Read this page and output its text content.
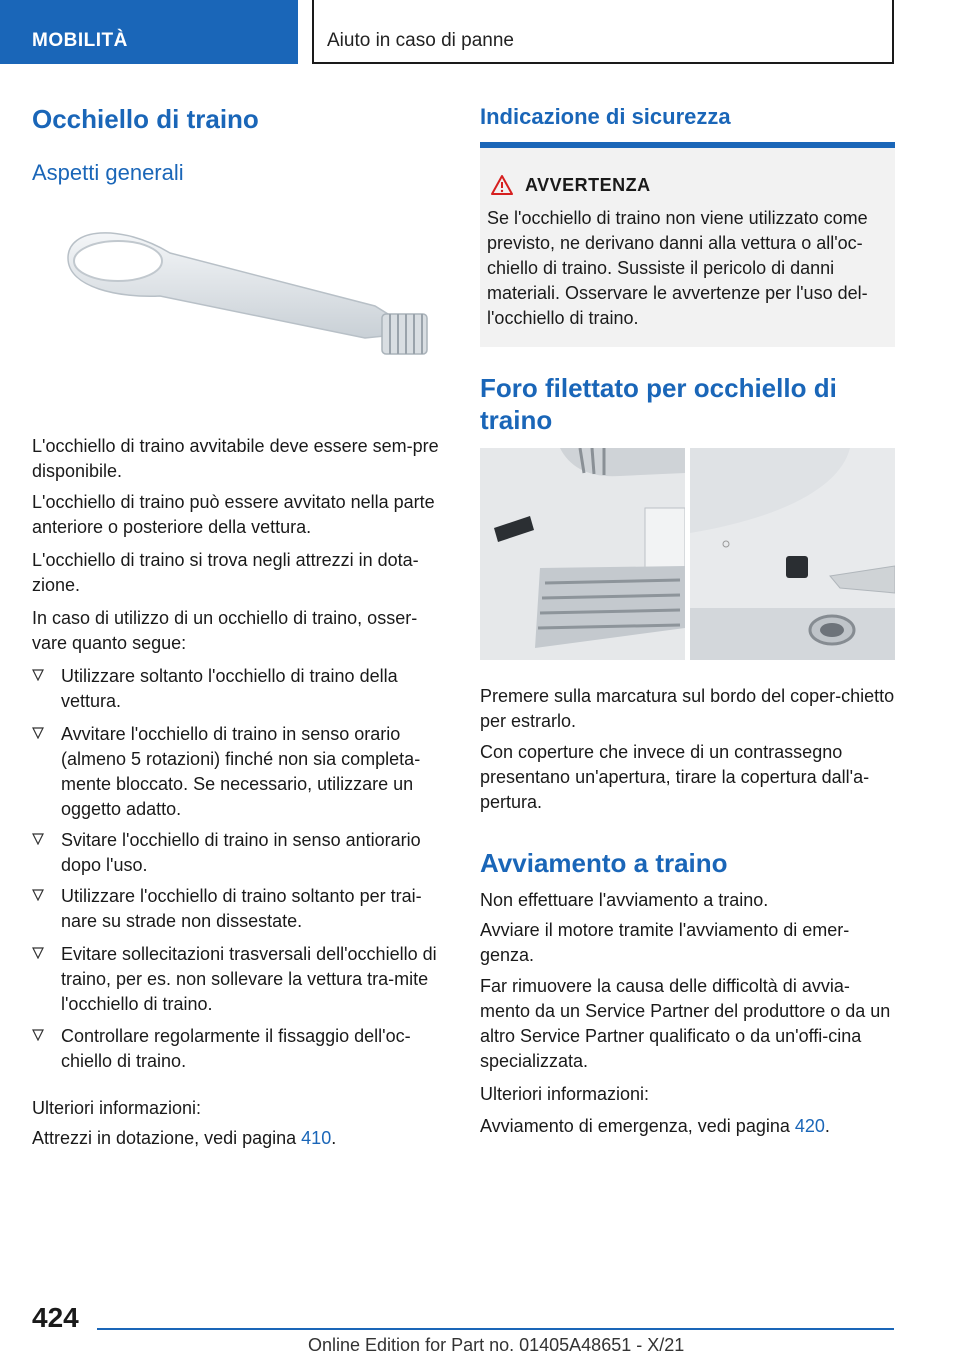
MOBILITÀ	Aiuto in caso di panne
Occhiello di traino
Aspetti generali

L'occhiello di traino avvitabile deve essere sem-pre disponibile.

L'occhiello di traino può essere avvitato nella parte anteriore o posteriore della vettura.

L'occhiello di traino si trova negli attrezzi in dota-zione.

In caso di utilizzo di un occhiello di traino, osser-vare quanto segue:

Utilizzare soltanto l'occhiello di traino della vettura.
Avvitare l'occhiello di traino in senso orario (almeno 5 rotazioni) finché non sia completa-mente bloccato. Se necessario, utilizzare un oggetto adatto.
Svitare l'occhiello di traino in senso antiorario dopo l'uso.
Utilizzare l'occhiello di traino soltanto per trai-nare su strade non dissestate.
Evitare sollecitazioni trasversali dell'occhiello di traino, per es. non sollevare la vettura tra-mite l'occhiello di traino.
Controllare regolarmente il fissaggio dell'oc-chiello di traino.

Ulteriori informazioni:

Attrezzi in dotazione, vedi pagina 410.

Indicazione di sicurezza
AVVERTENZA
Se l'occhiello di traino non viene utilizzato come previsto, ne derivano danni alla vettura o all'oc-chiello di traino. Sussiste il pericolo di danni materiali. Osservare le avvertenze per l'uso del-l'occhiello di traino.
Foro filettato per occhiello di traino

Premere sulla marcatura sul bordo del coper-chietto per estrarlo.

Con coperture che invece di un contrassegno presentano un'apertura, tirare la copertura dall'a-pertura.

Avviamento a traino

Non effettuare l'avviamento a traino.

Avviare il motore tramite l'avviamento di emer-genza.

Far rimuovere la causa delle difficoltà di avvia-mento da un Service Partner del produttore o da un altro Service Partner qualificato o da un'offi-cina specializzata.

Ulteriori informazioni:

Avviamento di emergenza, vedi pagina 420.

424
Online Edition for Part no. 01405A48651 - X/21
